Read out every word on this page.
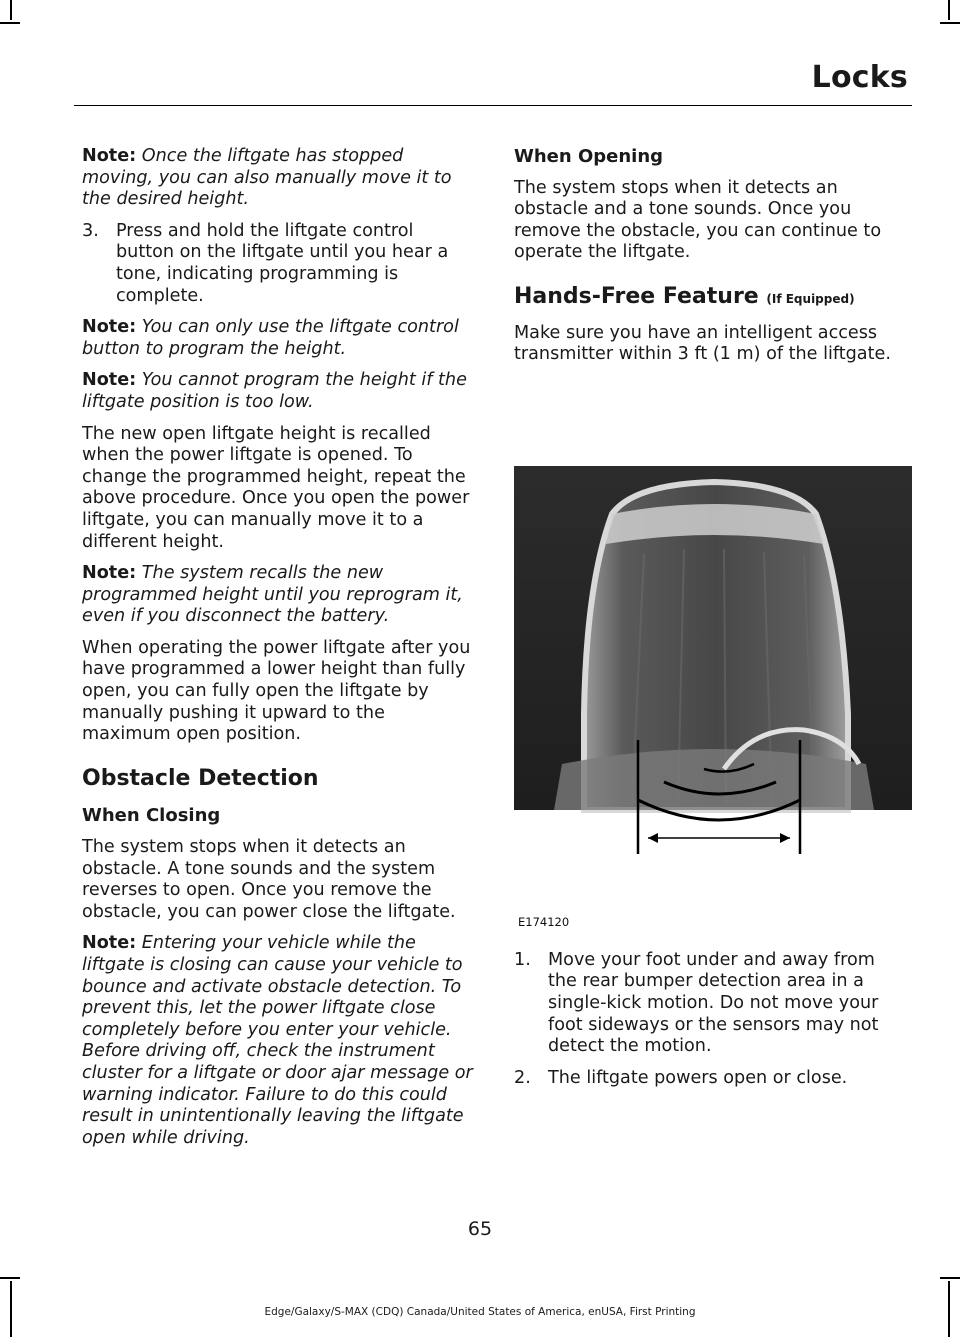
Locks

Note: Once the liftgate has stopped moving, you can also manually move it to the desired height.

3. Press and hold the liftgate control button on the liftgate until you hear a tone, indicating programming is complete.

Note: You can only use the liftgate control button to program the height.

Note: You cannot program the height if the liftgate position is too low.

The new open liftgate height is recalled when the power liftgate is opened. To change the programmed height, repeat the above procedure. Once you open the power liftgate, you can manually move it to a different height.

Note: The system recalls the new programmed height until you reprogram it, even if you disconnect the battery.

When operating the power liftgate after you have programmed a lower height than fully open, you can fully open the liftgate by manually pushing it upward to the maximum open position.

Obstacle Detection
When Closing

The system stops when it detects an obstacle. A tone sounds and the system reverses to open. Once you remove the obstacle, you can power close the liftgate.

Note: Entering your vehicle while the liftgate is closing can cause your vehicle to bounce and activate obstacle detection. To prevent this, let the power liftgate close completely before you enter your vehicle. Before driving off, check the instrument cluster for a liftgate or door ajar message or warning indicator. Failure to do this could result in unintentionally leaving the liftgate open while driving.

When Opening

The system stops when it detects an obstacle and a tone sounds. Once you remove the obstacle, you can continue to operate the liftgate.

Hands-Free Feature (If Equipped)

Make sure you have an intelligent access transmitter within 3 ft (1 m) of the liftgate.

E174120
1. Move your foot under and away from the rear bumper detection area in a single-kick motion. Do not move your foot sideways or the sensors may not detect the motion.
2. The liftgate powers open or close.
65
Edge/Galaxy/S-MAX (CDQ) Canada/United States of America, enUSA, First Printing
